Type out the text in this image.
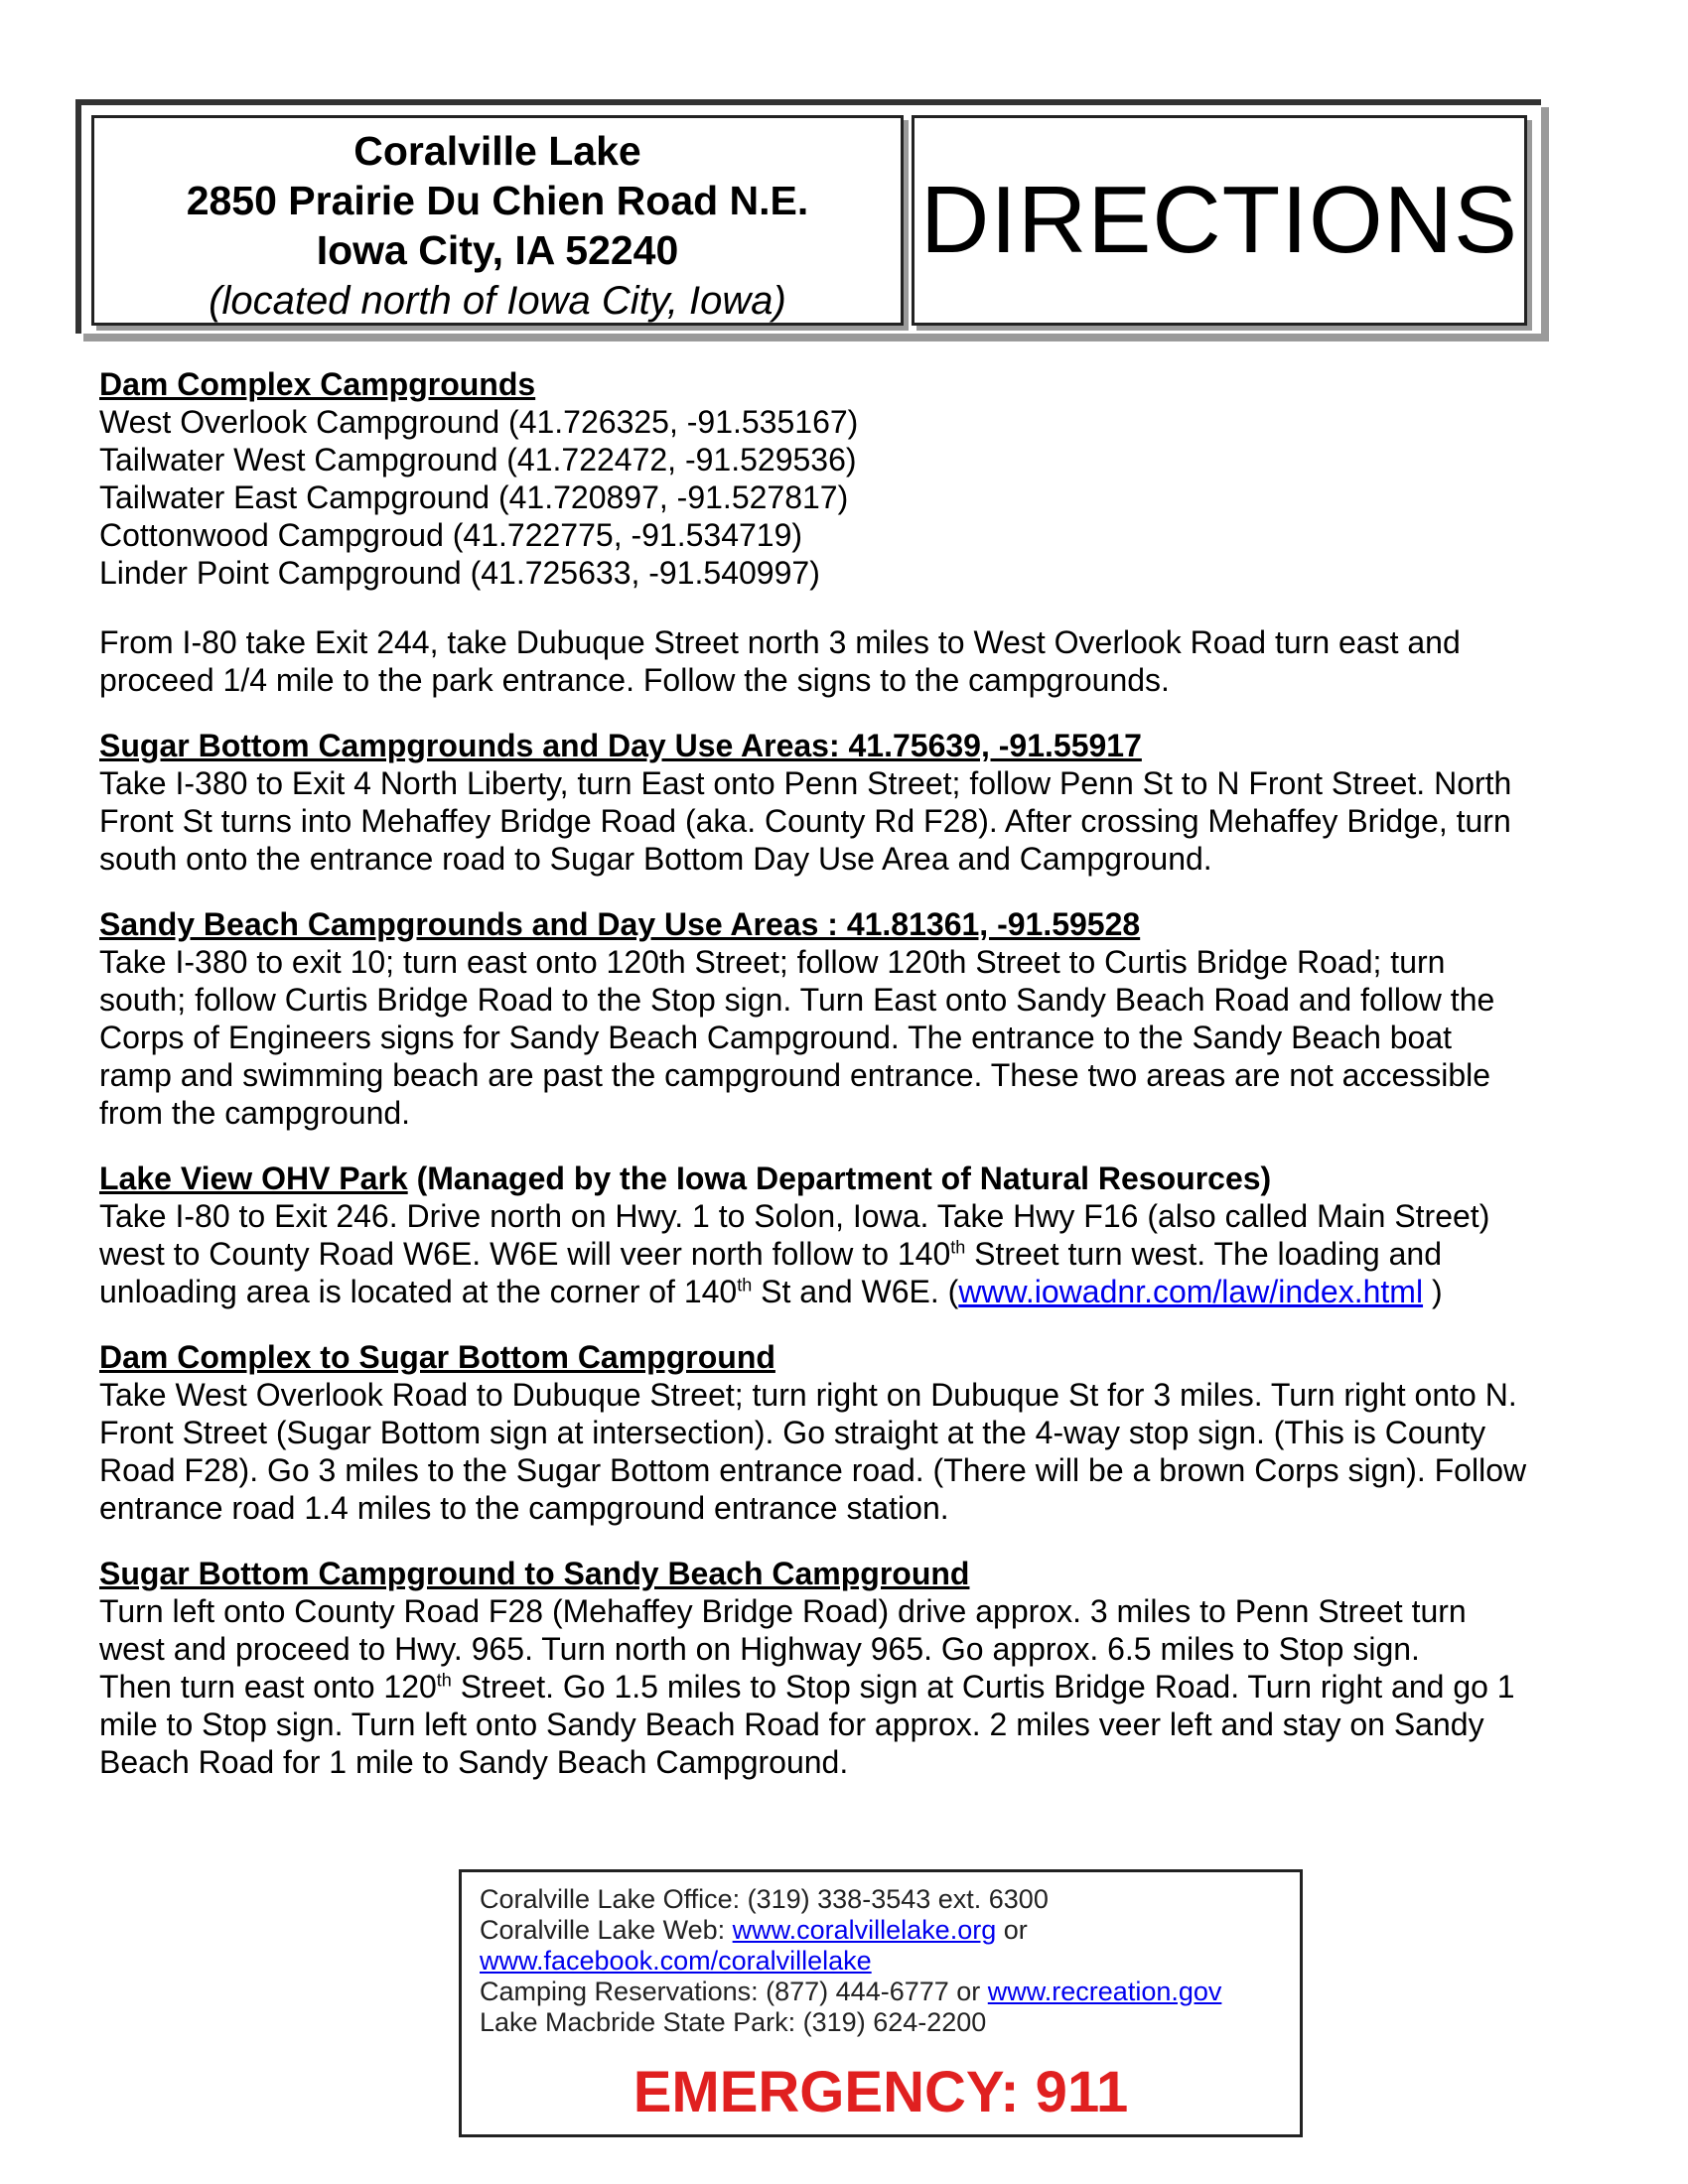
Coralville Lake
2850 Prairie Du Chien Road N.E.
Iowa City, IA 52240
(located north of Iowa City, Iowa)
DIRECTIONS
Dam Complex Campgrounds
West Overlook Campground (41.726325, -91.535167)
Tailwater West Campground (41.722472, -91.529536)
Tailwater East Campground (41.720897, -91.527817)
Cottonwood Campgroud (41.722775, -91.534719)
Linder Point Campground (41.725633, -91.540997)
From I-80 take Exit 244, take Dubuque Street north 3 miles to West Overlook Road turn east and
proceed 1/4 mile to the park entrance. Follow the signs to the campgrounds.
Sugar Bottom Campgrounds and Day Use Areas: 41.75639, -91.55917
Take I-380 to Exit 4 North Liberty, turn East onto Penn Street; follow Penn St to N Front Street. North
Front St turns into Mehaffey Bridge Road (aka. County Rd F28). After crossing Mehaffey Bridge, turn
south onto the entrance road to Sugar Bottom Day Use Area and Campground.
Sandy Beach Campgrounds and Day Use Areas : 41.81361, -91.59528
Take I-380 to exit 10; turn east onto 120th Street; follow 120th Street to Curtis Bridge Road; turn
south; follow Curtis Bridge Road to the Stop sign. Turn East onto Sandy Beach Road and follow the
Corps of Engineers signs for Sandy Beach Campground. The entrance to the Sandy Beach boat
ramp and swimming beach are past the campground entrance. These two areas are not accessible
from the campground.
Lake View OHV Park (Managed by the Iowa Department of Natural Resources)
Take I-80 to Exit 246. Drive north on Hwy. 1 to Solon, Iowa. Take Hwy F16 (also called Main Street)
west to County Road W6E. W6E will veer north follow to 140th Street turn west. The loading and
unloading area is located at the corner of 140th St and W6E. (www.iowadnr.com/law/index.html )
Dam Complex to Sugar Bottom Campground
Take West Overlook Road to Dubuque Street; turn right on Dubuque St for 3 miles. Turn right onto N.
Front Street (Sugar Bottom sign at intersection). Go straight at the 4-way stop sign. (This is County
Road F28). Go 3 miles to the Sugar Bottom entrance road. (There will be a brown Corps sign). Follow
entrance road 1.4 miles to the campground entrance station.
Sugar Bottom Campground to Sandy Beach Campground
Turn left onto County Road F28 (Mehaffey Bridge Road) drive approx. 3 miles to Penn Street turn
west and proceed to Hwy. 965. Turn north on Highway 965. Go approx. 6.5 miles to Stop sign.
Then turn east onto 120th Street. Go 1.5 miles to Stop sign at Curtis Bridge Road. Turn right and go 1
mile to Stop sign. Turn left onto Sandy Beach Road for approx. 2 miles veer left and stay on Sandy
Beach Road for 1 mile to Sandy Beach Campground.
Coralville Lake Office: (319) 338-3543 ext. 6300
Coralville Lake Web: www.coralvillelake.org or
www.facebook.com/coralvillelake
Camping Reservations: (877) 444-6777 or www.recreation.gov
Lake Macbride State Park: (319) 624-2200
EMERGENCY: 911
